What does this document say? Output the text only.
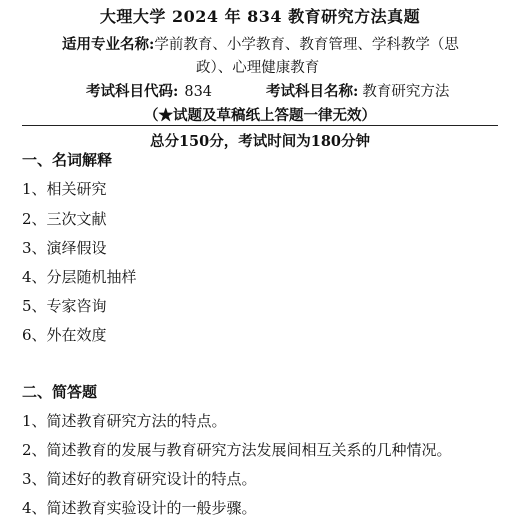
大理大学 2024 年 834 教育研究方法真题
适用专业名称:学前教育、小学教育、教育管理、学科教学（思
政）、心理健康教育
考试科目代码: 834	考试科目名称: 教育研究方法
（★试题及草稿纸上答题一律无效）
总分150分，考试时间为180分钟
一、名词解释
1、相关研究
2、三次文献
3、演绎假设
4、分层随机抽样
5、专家咨询
6、外在效度
二、简答题
1、简述教育研究方法的特点。
2、简述教育的发展与教育研究方法发展间相互关系的几种情况。
3、简述好的教育研究设计的特点。
4、简述教育实验设计的一般步骤。
